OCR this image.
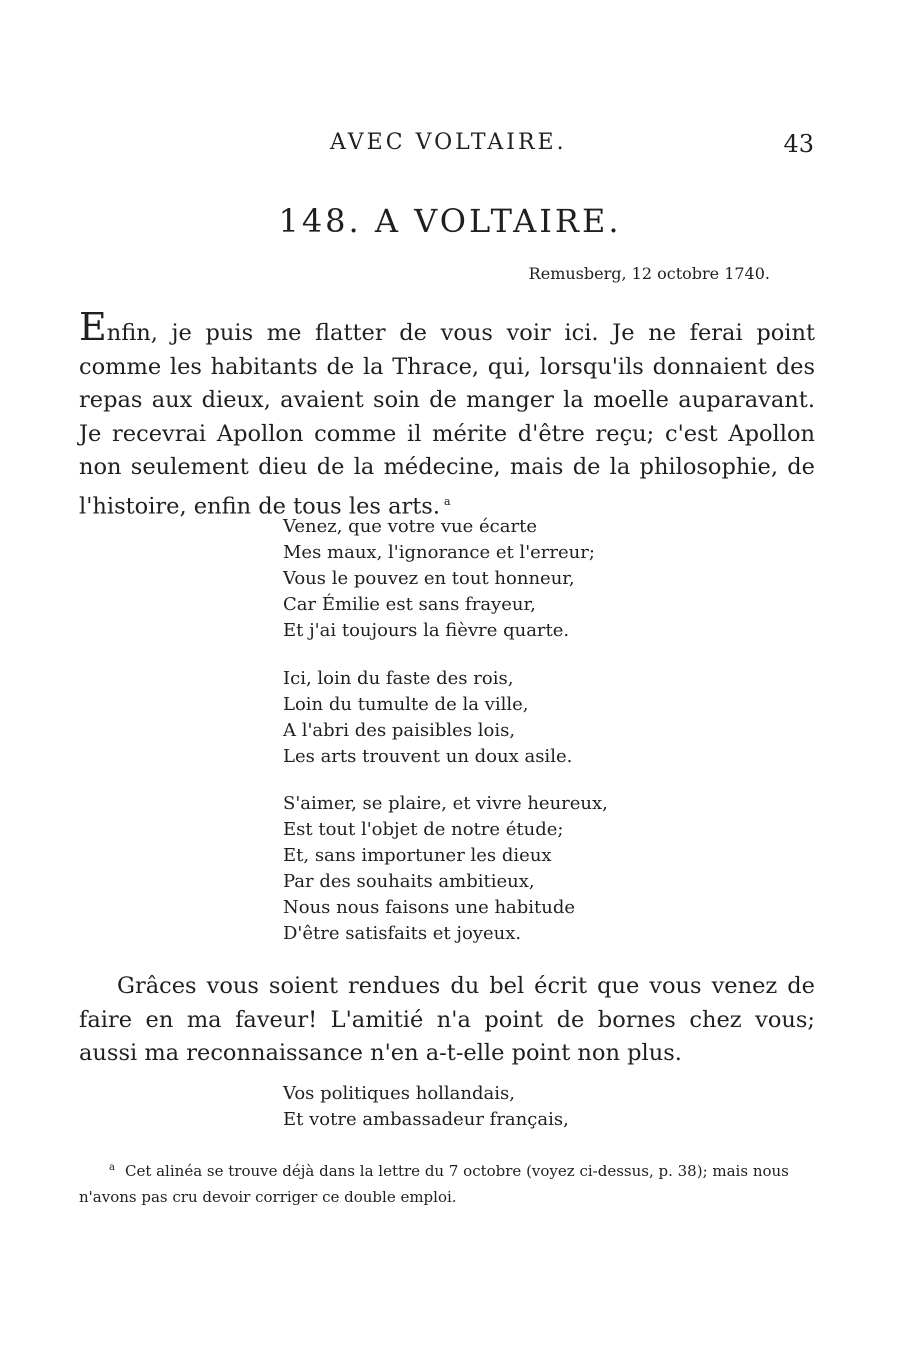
AVEC VOLTAIRE.	43
148. A VOLTAIRE.
Remusberg, 12 octobre 1740.

Enfin, je puis me flatter de vous voir ici. Je ne ferai point comme les habitants de la Thrace, qui, lorsqu'ils donnaient des repas aux dieux, avaient soin de manger la moelle auparavant. Je recevrai Apollon comme il mérite d'être reçu; c'est Apollon non seulement dieu de la médecine, mais de la philosophie, de l'histoire, enfin de tous les arts. $^a$

Venez, que votre vue écarte
Mes maux, l'ignorance et l'erreur;
Vous le pouvez en tout honneur,
Car Émilie est sans frayeur,
Et j'ai toujours la fièvre quarte.
Ici, loin du faste des rois,
Loin du tumulte de la ville,
A l'abri des paisibles lois,
Les arts trouvent un doux asile.
S'aimer, se plaire, et vivre heureux,
Est tout l'objet de notre étude;
Et, sans importuner les dieux
Par des souhaits ambitieux,
Nous nous faisons une habitude
D'être satisfaits et joyeux.

Grâces vous soient rendues du bel écrit que vous venez de faire en ma faveur! L'amitié n'a point de bornes chez vous; aussi ma reconnaissance n'en a-t-elle point non plus.

Vos politiques hollandais,
Et votre ambassadeur français,

$^a$ Cet alinéa se trouve déjà dans la lettre du 7 octobre (voyez ci-dessus, p. 38); mais nous n'avons pas cru devoir corriger ce double emploi.
